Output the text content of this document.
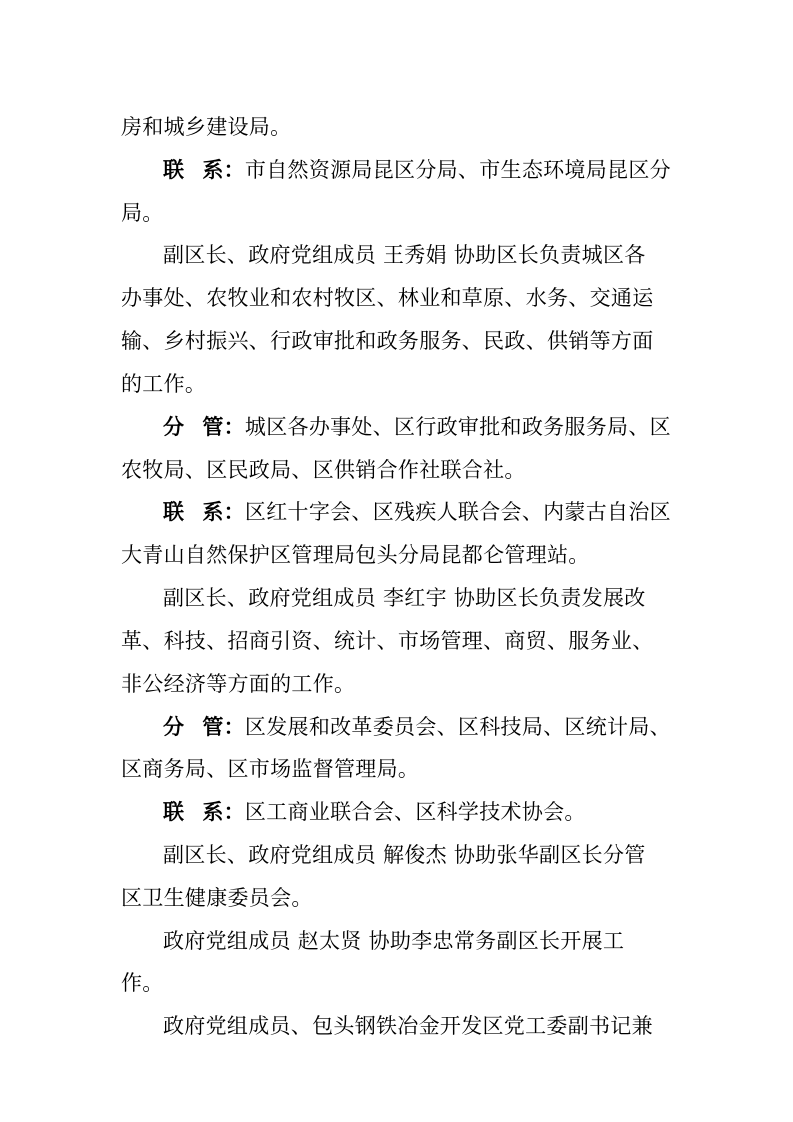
房和城乡建设局。
联 系：市自然资源局昆区分局、市生态环境局昆区分
局。
副区长、政府党组成员 王秀娟 协助区长负责城区各
办事处、农牧业和农村牧区、林业和草原、水务、交通运
输、乡村振兴、行政审批和政务服务、民政、供销等方面
的工作。
分 管：城区各办事处、区行政审批和政务服务局、区
农牧局、区民政局、区供销合作社联合社。
联 系：区红十字会、区残疾人联合会、内蒙古自治区
大青山自然保护区管理局包头分局昆都仑管理站。
副区长、政府党组成员 李红宇 协助区长负责发展改
革、科技、招商引资、统计、市场管理、商贸、服务业、
非公经济等方面的工作。
分 管：区发展和改革委员会、区科技局、区统计局、
区商务局、区市场监督管理局。
联 系：区工商业联合会、区科学技术协会。
副区长、政府党组成员 解俊杰 协助张华副区长分管
区卫生健康委员会。
政府党组成员 赵太贤 协助李忠常务副区长开展工
作。
政府党组成员、包头钢铁冶金开发区党工委副书记兼
